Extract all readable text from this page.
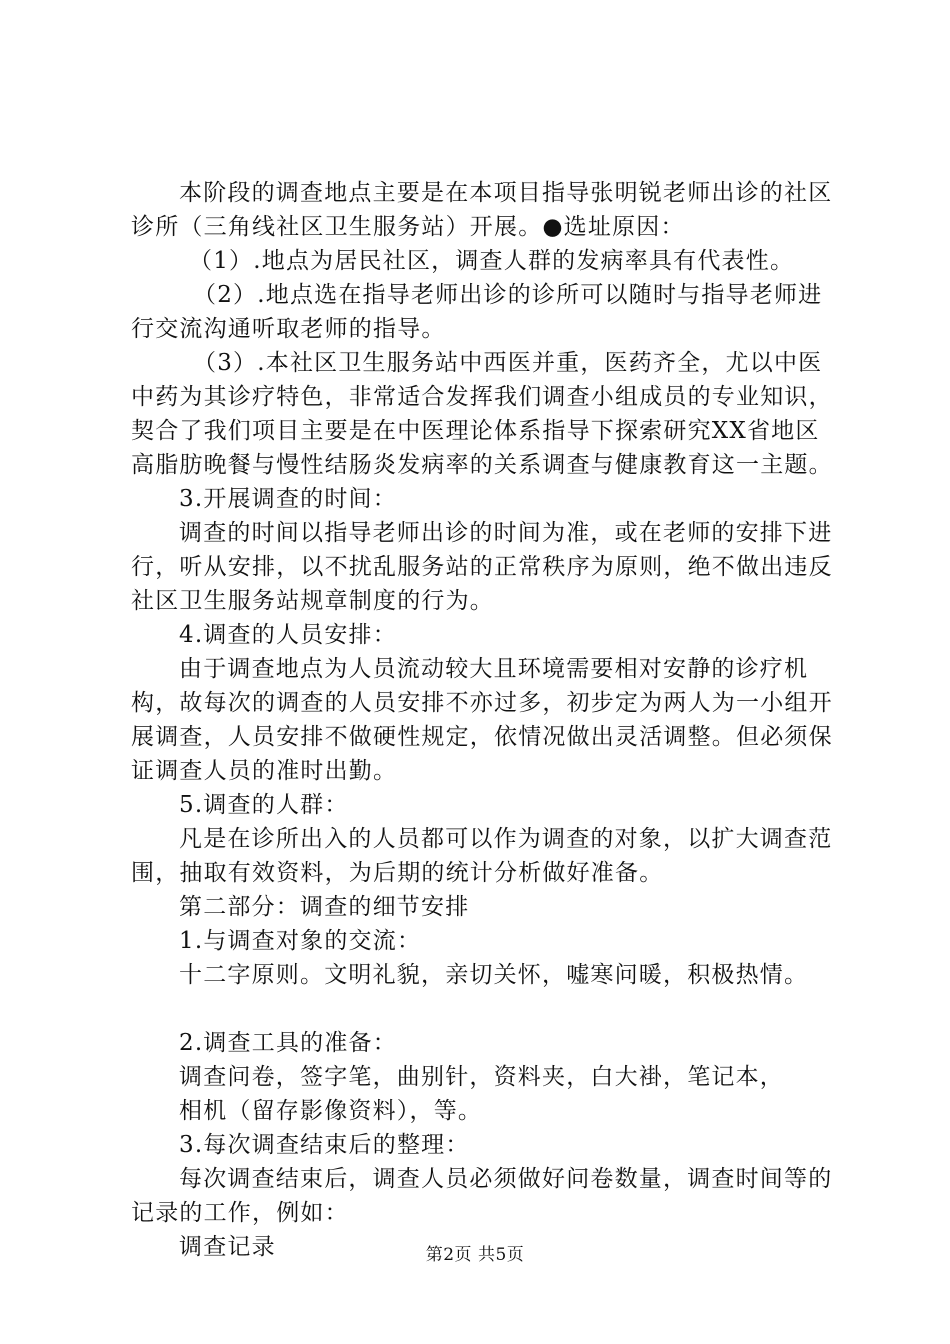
本阶段的调查地点主要是在本项目指导张明锐老师出诊的社区诊所（三角线社区卫生服务站）开展。●选址原因：

（1）.地点为居民社区，调查人群的发病率具有代表性。

（2）.地点选在指导老师出诊的诊所可以随时与指导老师进行交流沟通听取老师的指导。

（3）.本社区卫生服务站中西医并重，医药齐全，尤以中医中药为其诊疗特色，非常适合发挥我们调查小组成员的专业知识，契合了我们项目主要是在中医理论体系指导下探索研究XX省地区高脂肪晚餐与慢性结肠炎发病率的关系调查与健康教育这一主题。

3.开展调查的时间：

调查的时间以指导老师出诊的时间为准，或在老师的安排下进行，听从安排，以不扰乱服务站的正常秩序为原则，绝不做出违反社区卫生服务站规章制度的行为。

4.调查的人员安排：

由于调查地点为人员流动较大且环境需要相对安静的诊疗机构，故每次的调查的人员安排不亦过多，初步定为两人为一小组开展调查，人员安排不做硬性规定，依情况做出灵活调整。但必须保证调查人员的准时出勤。

5.调查的人群：

凡是在诊所出入的人员都可以作为调查的对象，以扩大调查范围，抽取有效资料，为后期的统计分析做好准备。

第二部分：调查的细节安排

1.与调查对象的交流：

十二字原则。文明礼貌，亲切关怀，嘘寒问暖，积极热情。

2.调查工具的准备：

调查问卷，签字笔，曲别针，资料夹，白大褂，笔记本，

相机（留存影像资料），等。

3.每次调查结束后的整理：

每次调查结束后，调查人员必须做好问卷数量，调查时间等的记录的工作，例如：

调查记录	第2页 共5页
